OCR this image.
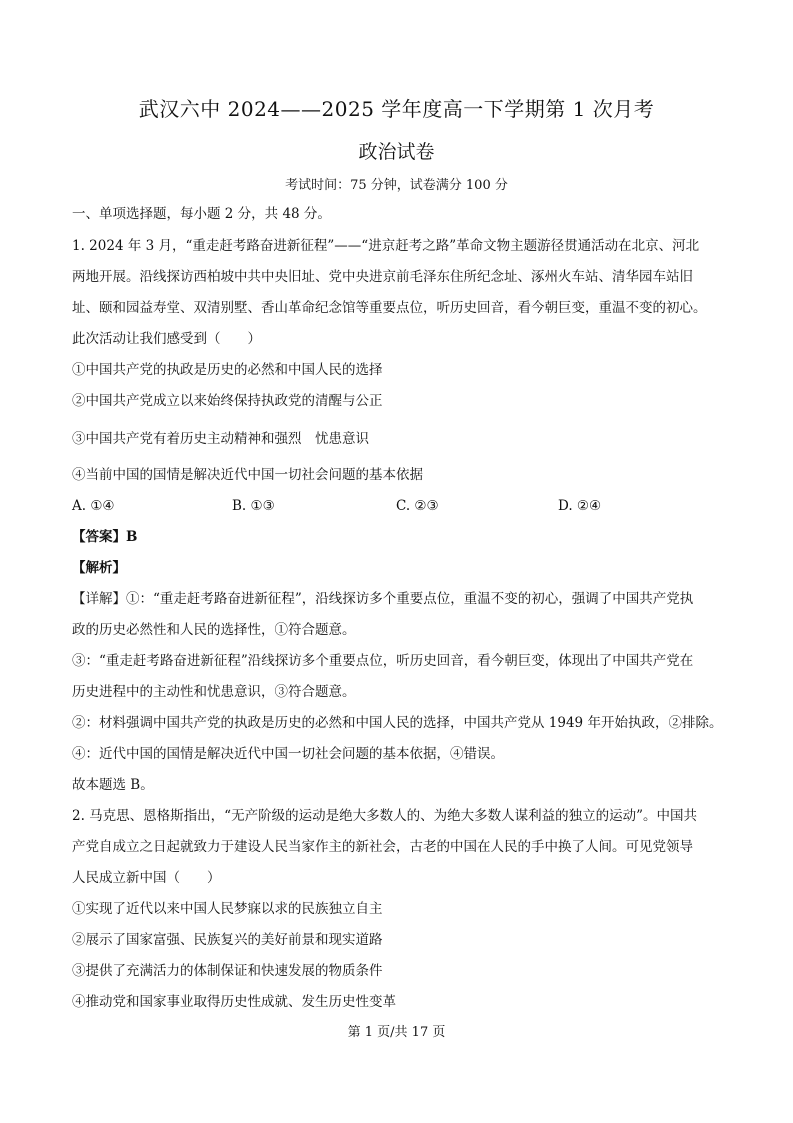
武汉六中 2024——2025 学年度高一下学期第 1 次月考
政治试卷
考试时间：75 分钟，试卷满分 100 分
一、单项选择题，每小题 2 分，共 48 分。
1. 2024 年 3 月，“重走赶考路奋进新征程”——“进京赶考之路”革命文物主题游径贯通活动在北京、河北
两地开展。沿线探访西柏坡中共中央旧址、党中央进京前毛泽东住所纪念址、涿州火车站、清华园车站旧
址、颐和园益寿堂、双清别墅、香山革命纪念馆等重要点位，听历史回音，看今朝巨变，重温不变的初心。
此次活动让我们感受到（　　）
①中国共产党的执政是历史的必然和中国人民的选择
②中国共产党成立以来始终保持执政党的清醒与公正
③中国共产党有着历史主动精神和强烈　忧患意识
④当前中国的国情是解决近代中国一切社会问题的基本依据
A. ①④	B. ①③	C. ②③	D. ②④
【答案】B
【解析】
【详解】①：“重走赶考路奋进新征程”，沿线探访多个重要点位，重温不变的初心，强调了中国共产党执
政的历史必然性和人民的选择性，①符合题意。
③：“重走赶考路奋进新征程”沿线探访多个重要点位，听历史回音，看今朝巨变，体现出了中国共产党在
历史进程中的主动性和忧患意识，③符合题意。
②：材料强调中国共产党的执政是历史的必然和中国人民的选择，中国共产党从 1949 年开始执政，②排除。
④：近代中国的国情是解决近代中国一切社会问题的基本依据，④错误。
故本题选 B。
2. 马克思、恩格斯指出，“无产阶级的运动是绝大多数人的、为绝大多数人谋利益的独立的运动”。中国共
产党自成立之日起就致力于建设人民当家作主的新社会，古老的中国在人民的手中换了人间。可见党领导
人民成立新中国（　　）
①实现了近代以来中国人民梦寐以求的民族独立自主
②展示了国家富强、民族复兴的美好前景和现实道路
③提供了充满活力的体制保证和快速发展的物质条件
④推动党和国家事业取得历史性成就、发生历史性变革
第 1 页/共 17 页
